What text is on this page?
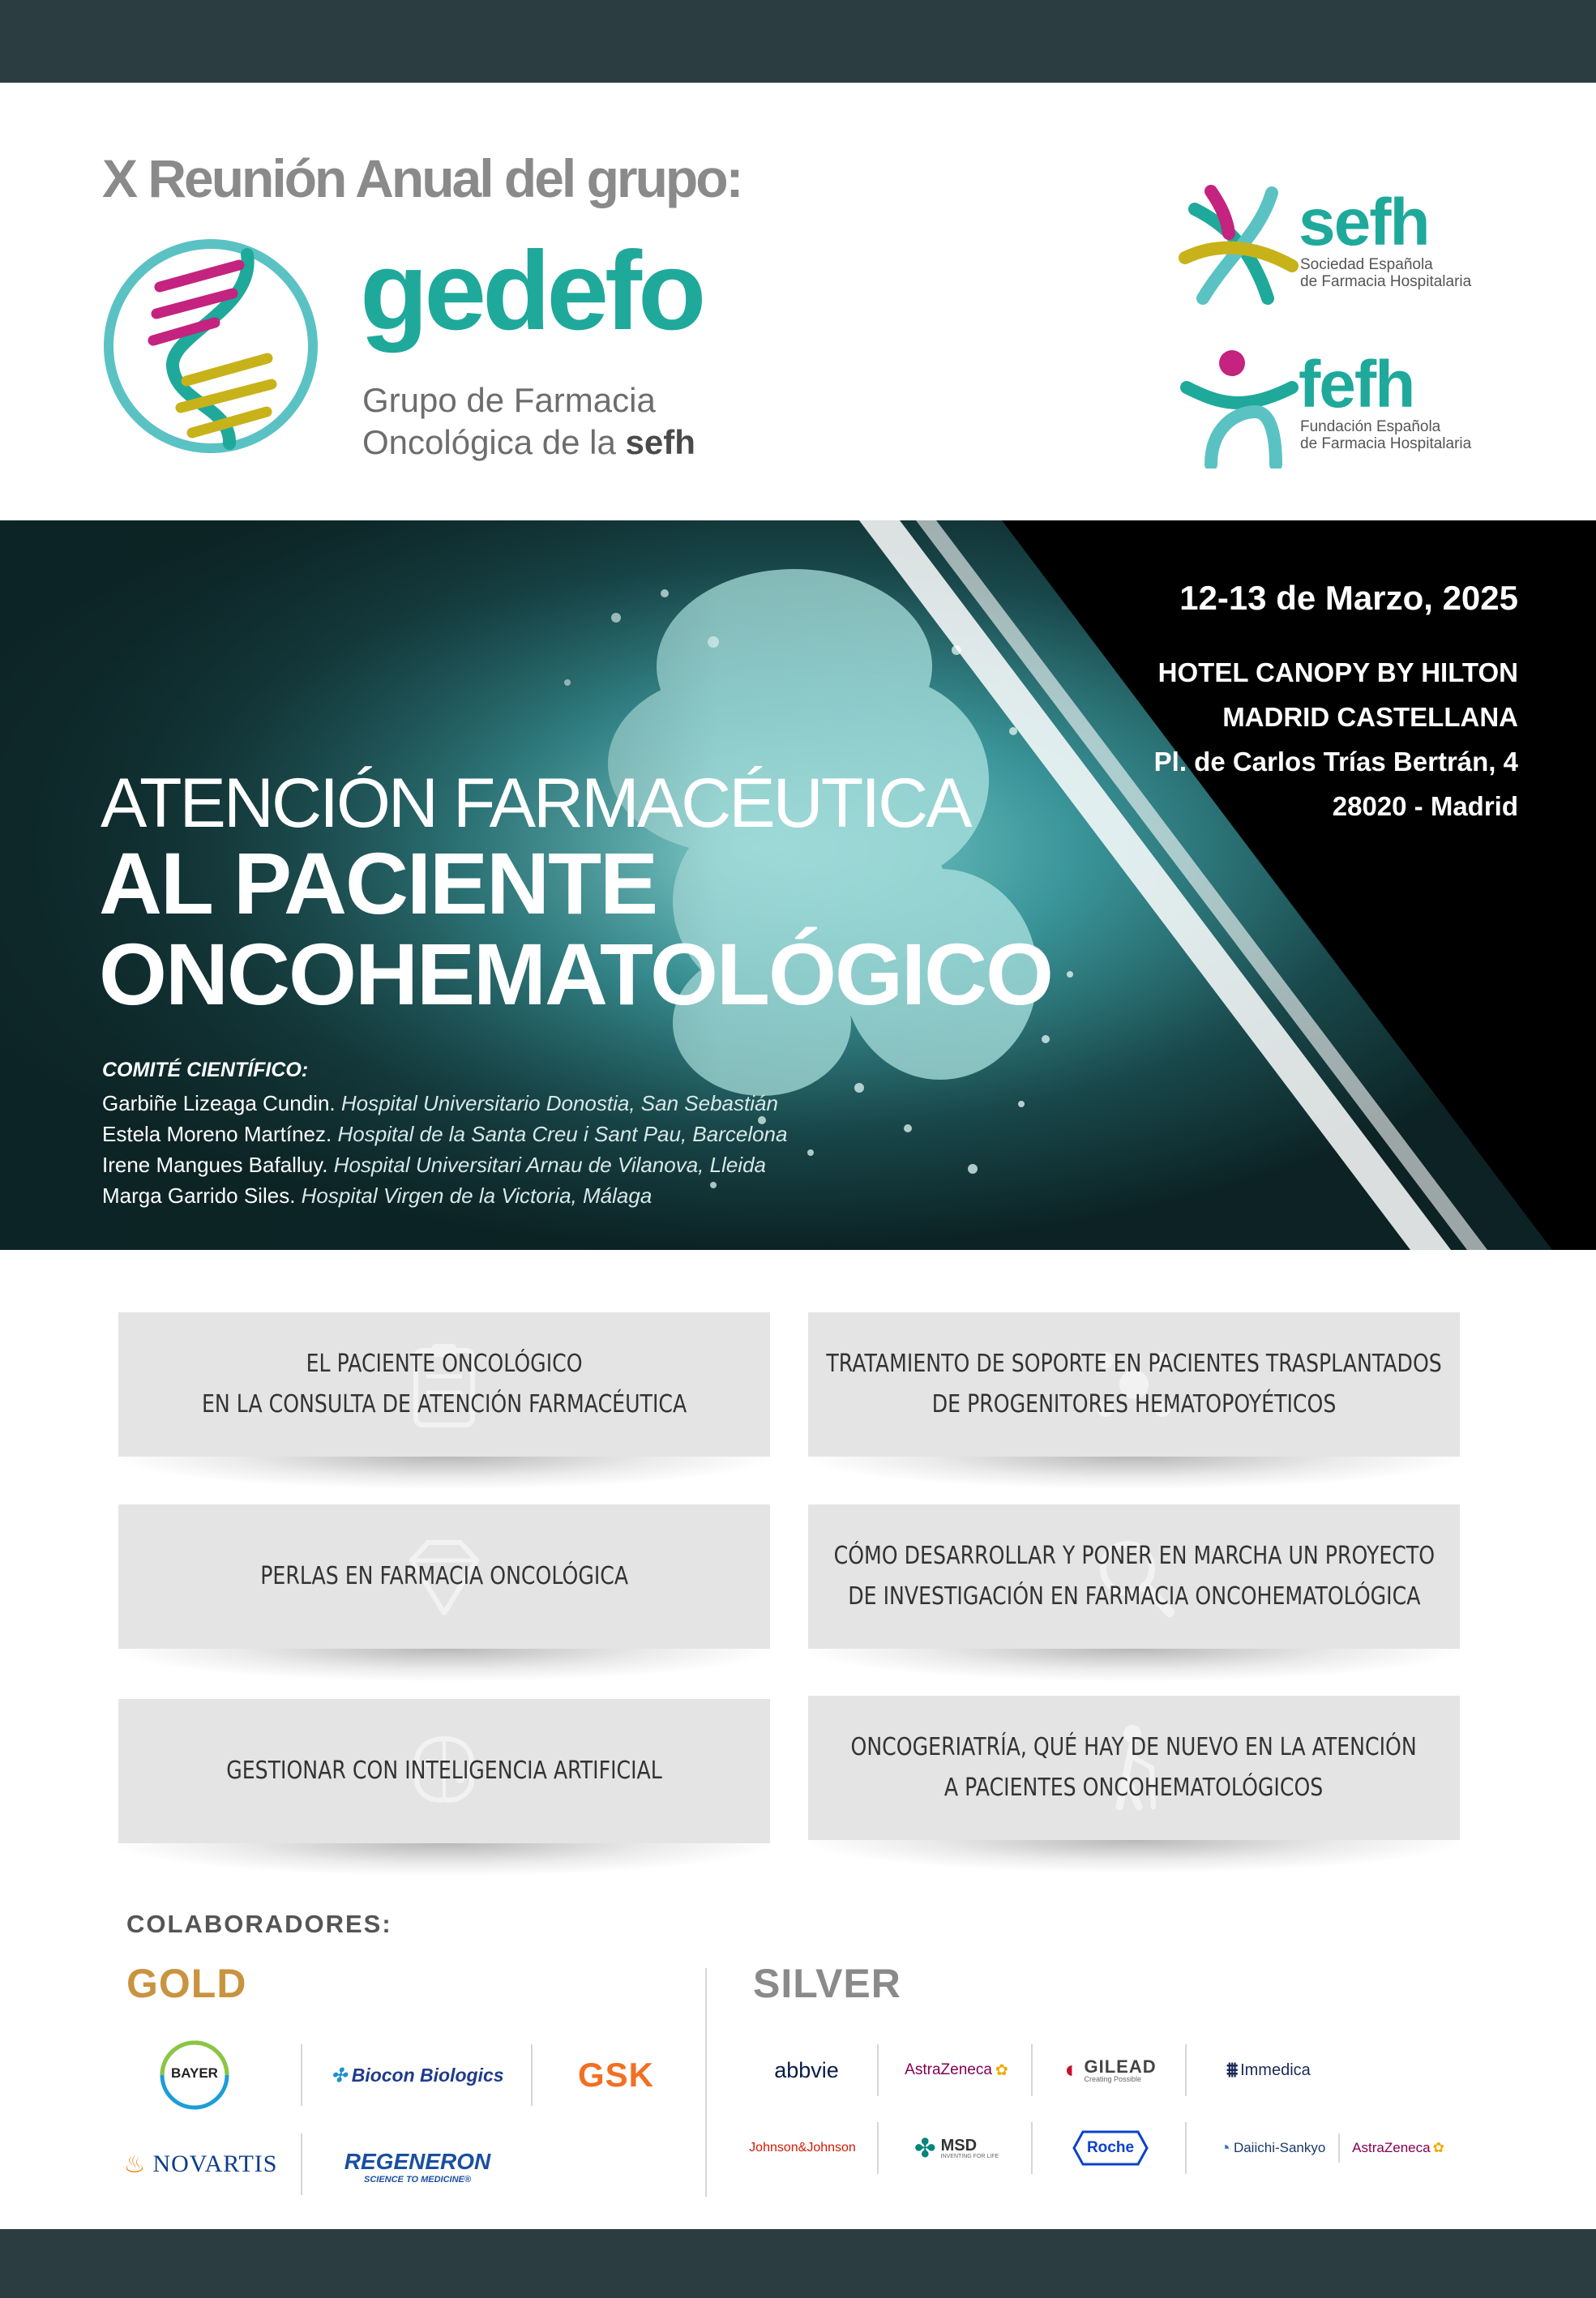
X Reunión Anual del grupo:
gedefo
Grupo de Farmacia
Oncológica de la sefh
sefh
Sociedad Española
de Farmacia Hospitalaria
fefh
Fundación Española
de Farmacia Hospitalaria
12-13 de Marzo, 2025
HOTEL CANOPY BY HILTON
MADRID CASTELLANA
Pl. de Carlos Trías Bertrán, 4
28020 - Madrid
ATENCIÓN FARMACÉUTICA
AL PACIENTE
ONCOHEMATOLÓGICO
COMITÉ CIENTÍFICO:
Garbiñe Lizeaga Cundin. Hospital Universitario Donostia, San Sebastián
Estela Moreno Martínez. Hospital de la Santa Creu i Sant Pau, Barcelona
Irene Mangues Bafalluy. Hospital Universitari Arnau de Vilanova, Lleida
Marga Garrido Siles. Hospital Virgen de la Victoria, Málaga
EL PACIENTE ONCOLÓGICO
EN LA CONSULTA DE ATENCIÓN FARMACÉUTICA
TRATAMIENTO DE SOPORTE EN PACIENTES TRASPLANTADOS
DE PROGENITORES HEMATOPOYÉTICOS
PERLAS EN FARMACIA ONCOLÓGICA
CÓMO DESARROLLAR Y PONER EN MARCHA UN PROYECTO
DE INVESTIGACIÓN EN FARMACIA ONCOHEMATOLÓGICA
GESTIONAR CON INTELIGENCIA ARTIFICIAL
ONCOGERIATRÍA, QUÉ HAY DE NUEVO EN LA ATENCIÓN
A PACIENTES ONCOHEMATOLÓGICOS
COLABORADORES:
GOLD	SILVER
BAYER	✣ Biocon Biologics GSK
♨ NOVARTIS	REGENERON
SCIENCE TO MEDICINE®
abbvie	AstraZeneca ✿ ◐ GILEAD
Creating Possible	⩩ Immedica
Johnson&Johnson ✤ MSD
INVENTING FOR LIFE	Roche	◔ Daiichi-Sankyo AstraZeneca ✿
